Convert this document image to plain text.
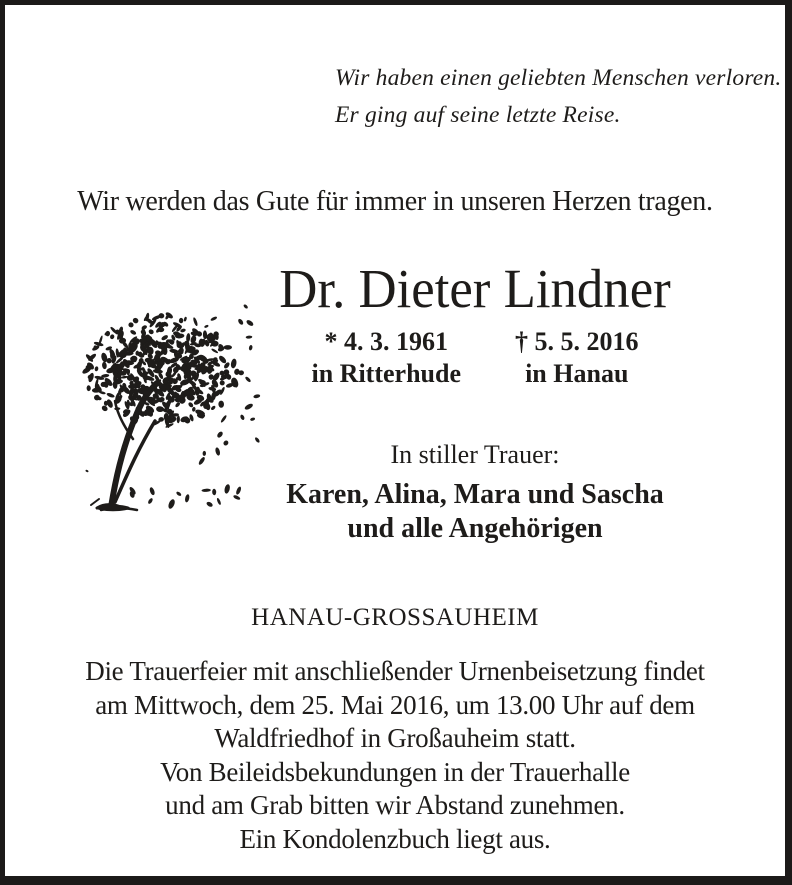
Wir haben einen geliebten Menschen verloren.
Er ging auf seine letzte Reise.
Wir werden das Gute für immer in unseren Herzen tragen.
Dr. Dieter Lindner
* 4. 3. 1961
in Ritterhude
† 5. 5. 2016
in Hanau
In stiller Trauer:
Karen, Alina, Mara und Sascha
und alle Angehörigen
HANAU-GROSSAUHEIM
Die Trauerfeier mit anschließender Urnenbeisetzung findet
am Mittwoch, dem 25. Mai 2016, um 13.00 Uhr auf dem
Waldfriedhof in Großauheim statt.
Von Beileidsbekundungen in der Trauerhalle
und am Grab bitten wir Abstand zunehmen.
Ein Kondolenzbuch liegt aus.
